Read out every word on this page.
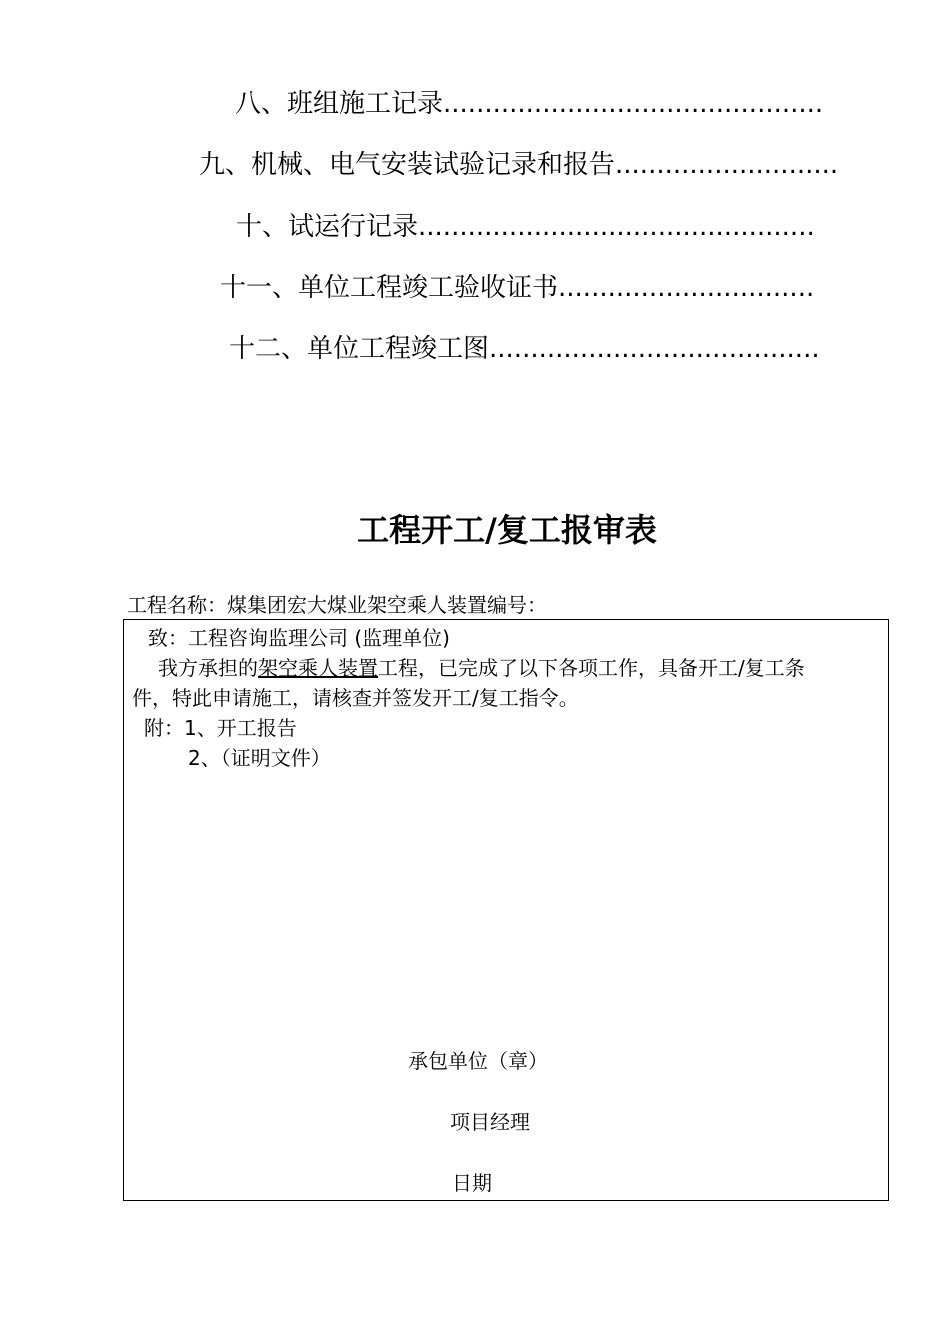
八、班组施工记录..............................................
九、机械、电气安装试验记录和报告...........................
十、试运行记录................................................
十一、单位工程竣工验收证书...............................
十二、单位工程竣工图........................................
工程开工/复工报审表
工程名称：煤集团宏大煤业架空乘人装置编号：
致：工程咨询监理公司 (监理单位)
我方承担的架空乘人装置工程，已完成了以下各项工作，具备开工/复工条
件，特此申请施工，请核查并签发开工/复工指令。
附：1、开工报告
2、（证明文件）
承包单位（章）
项目经理
日期
